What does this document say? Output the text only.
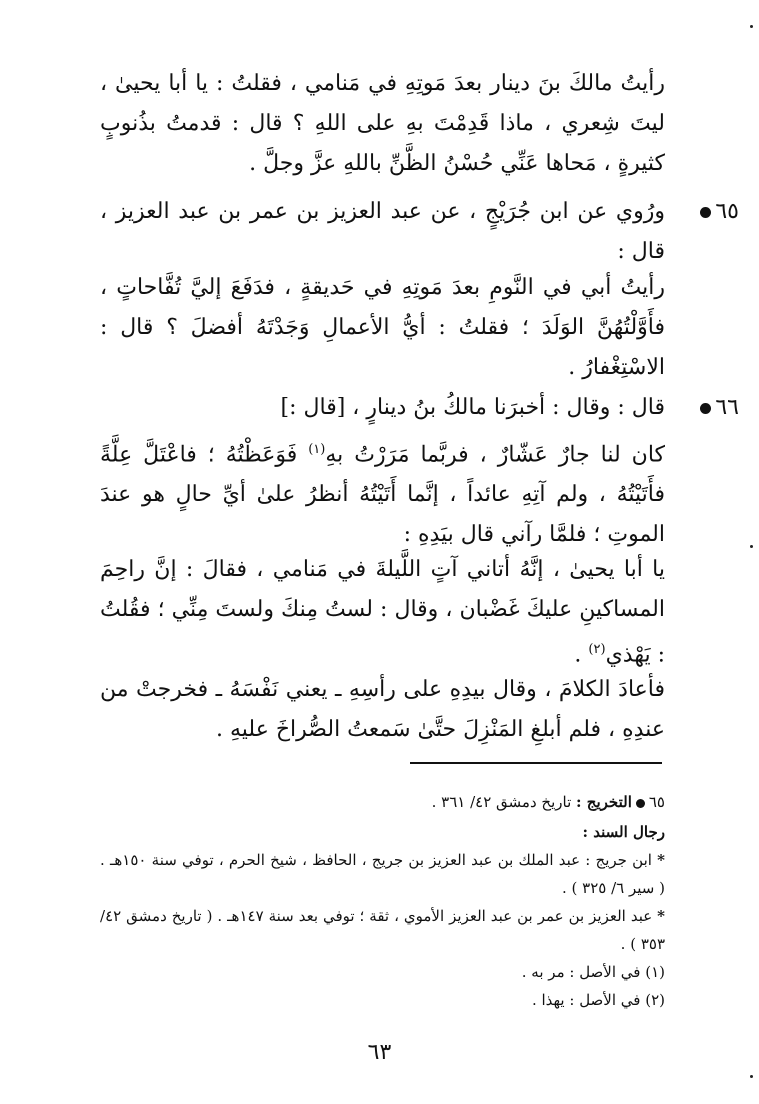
رأيتُ مالكَ بنَ دينار بعدَ مَوتِهِ في مَنامي ، فقلتُ : يا أبا يحيىٰ ، ليتَ شِعري ، ماذا قَدِمْتَ بهِ على اللهِ ؟ قال : قدمتُ بذُنوبٍ كثيرةٍ ، مَحاها عَنِّي حُسْنُ الظَّنِّ باللهِ عزَّ وجلَّ .
٦٥
ورُوي عن ابن جُرَيْجٍ ، عن عبد العزيز بن عمر بن عبد العزيز ، قال :
رأيتُ أبي في النَّومِ بعدَ مَوتِهِ في حَديقةٍ ، فدَفَعَ إليَّ تُفَّاحاتٍ ، فأَوَّلْتُهُنَّ الوَلَدَ ؛ فقلتُ : أيُّ الأعمالِ وَجَدْتَهُ أفضلَ ؟ قال : الاسْتِغْفارُ .
٦٦
قال : وقال : أخبرَنا مالكُ بنُ دينارٍ ، [قال :]
كان لنا جارٌ عَشّارٌ ، فربَّما مَرَرْتُ بهِ$^{(١)}$ فَوَعَظْتُهُ ؛ فاعْتَلَّ عِلَّةً فأَتَيْتُهُ ، ولم آتِهِ عائداً ، إنَّما أَتَيْتُهُ أنظرُ علىٰ أيِّ حالٍ هو عندَ الموتِ ؛ فلمَّا رآني قال بيَدِهِ :
يا أبا يحيىٰ ، إنَّهُ أتاني آتٍ اللَّيلةَ في مَنامي ، فقالَ : إنَّ راحِمَ المساكينِ عليكَ غَضْبان ، وقال : لستُ مِنكَ ولستَ مِنِّي ؛ فقُلتُ : يَهْذي$^{(٢)}$ .
فأعادَ الكلامَ ، وقال بيدِهِ على رأسِهِ ـ يعني نَفْسَهُ ـ فخرجتْ من عندِهِ ، فلم أبلغِ المَنْزِلَ حتَّىٰ سَمعتُ الصُّراخَ عليهِ .
٦٥التخريج : تاريخ دمشق ٤٢/ ٣٦١ .
رجال السند :
* ابن جريج : عبد الملك بن عبد العزيز بن جريج ، الحافظ ، شيخ الحرم ، توفي سنة ١٥٠هـ . ( سير ٦/ ٣٢٥ ) .
* عبد العزيز بن عمر بن عبد العزيز الأموي ، ثقة ؛ توفي بعد سنة ١٤٧هـ . ( تاريخ دمشق ٤٢/ ٣٥٣ ) .
(١) في الأصل : مر به .
(٢) في الأصل : يهذا .
٦٣
